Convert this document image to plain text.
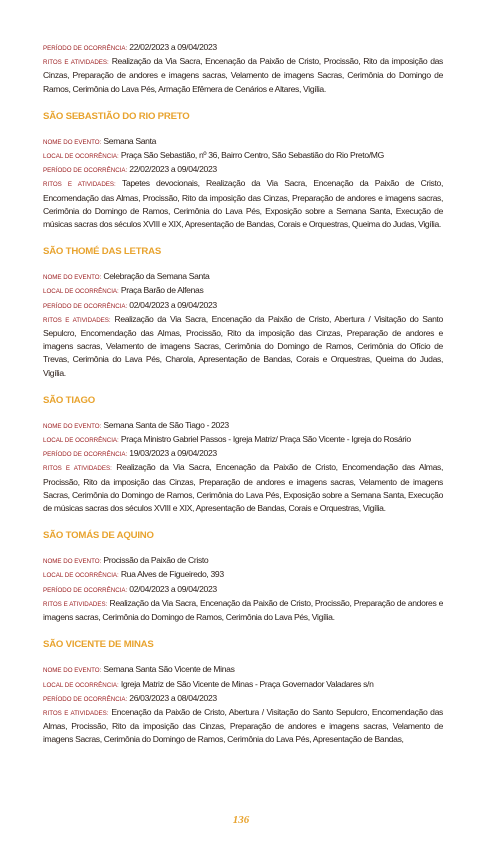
PERÍODO DE OCORRÊNCIA: 22/02/2023 a 09/04/2023

RITOS E ATIVIDADES: Realização da Via Sacra, Encenação da Paixão de Cristo, Procissão, Rito da imposição das Cinzas, Preparação de andores e imagens sacras, Velamento de imagens Sacras, Cerimônia do Domingo de Ramos, Cerimônia do Lava Pés, Armação Efêmera de Cenários e Altares, Vigília.

SÃO SEBASTIÃO DO RIO PRETO

NOME DO EVENTO: Semana Santa

LOCAL DE OCORRÊNCIA: Praça São Sebastião, nº 36, Bairro Centro, São Sebastião do Rio Preto/MG

PERÍODO DE OCORRÊNCIA: 22/02/2023 a 09/04/2023

RITOS E ATIVIDADES: Tapetes devocionais, Realização da Via Sacra, Encenação da Paixão de Cristo, Encomendação das Almas, Procissão, Rito da imposição das Cinzas, Preparação de andores e imagens sacras, Cerimônia do Domingo de Ramos, Cerimônia do Lava Pés, Exposição sobre a Semana Santa, Execução de músicas sacras dos séculos XVIII e XIX, Apresentação de Bandas, Corais e Orquestras, Queima do Judas, Vigília.

SÃO THOMÉ DAS LETRAS

NOME DO EVENTO: Celebração da Semana Santa

LOCAL DE OCORRÊNCIA: Praça Barão de Alfenas

PERÍODO DE OCORRÊNCIA: 02/04/2023 a 09/04/2023

RITOS E ATIVIDADES: Realização da Via Sacra, Encenação da Paixão de Cristo, Abertura / Visitação do Santo Sepulcro, Encomendação das Almas, Procissão, Rito da imposição das Cinzas, Preparação de andores e imagens sacras, Velamento de imagens Sacras, Cerimônia do Domingo de Ramos, Cerimônia do Ofício de Trevas, Cerimônia do Lava Pés, Charola, Apresentação de Bandas, Corais e Orquestras, Queima do Judas, Vigília.

SÃO TIAGO

NOME DO EVENTO: Semana Santa de São Tiago - 2023

LOCAL DE OCORRÊNCIA: Praça Ministro Gabriel Passos - Igreja Matriz/ Praça São Vicente - Igreja do Rosário

PERÍODO DE OCORRÊNCIA: 19/03/2023 a 09/04/2023

RITOS E ATIVIDADES: Realização da Via Sacra, Encenação da Paixão de Cristo, Encomendação das Almas, Procissão, Rito da imposição das Cinzas, Preparação de andores e imagens sacras, Velamento de imagens Sacras, Cerimônia do Domingo de Ramos, Cerimônia do Lava Pés, Exposição sobre a Semana Santa, Execução de músicas sacras dos séculos XVIII e XIX, Apresentação de Bandas, Corais e Orquestras, Vigília.

SÃO TOMÁS DE AQUINO

NOME DO EVENTO: Procissão da Paixão de Cristo

LOCAL DE OCORRÊNCIA: Rua Alves de Figueiredo, 393

PERÍODO DE OCORRÊNCIA: 02/04/2023 a 09/04/2023

RITOS E ATIVIDADES: Realização da Via Sacra, Encenação da Paixão de Cristo, Procissão, Preparação de andores e imagens sacras, Cerimônia do Domingo de Ramos, Cerimônia do Lava Pés, Vigília.

SÃO VICENTE DE MINAS

NOME DO EVENTO: Semana Santa São Vicente de Minas

LOCAL DE OCORRÊNCIA: Igreja Matriz de São Vicente de Minas - Praça Governador Valadares s/n

PERÍODO DE OCORRÊNCIA: 26/03/2023 a 08/04/2023

RITOS E ATIVIDADES: Encenação da Paixão de Cristo, Abertura / Visitação do Santo Sepulcro, Encomendação das Almas, Procissão, Rito da imposição das Cinzas, Preparação de andores e imagens sacras, Velamento de imagens Sacras, Cerimônia do Domingo de Ramos, Cerimônia do Lava Pés, Apresentação de Bandas,

136
